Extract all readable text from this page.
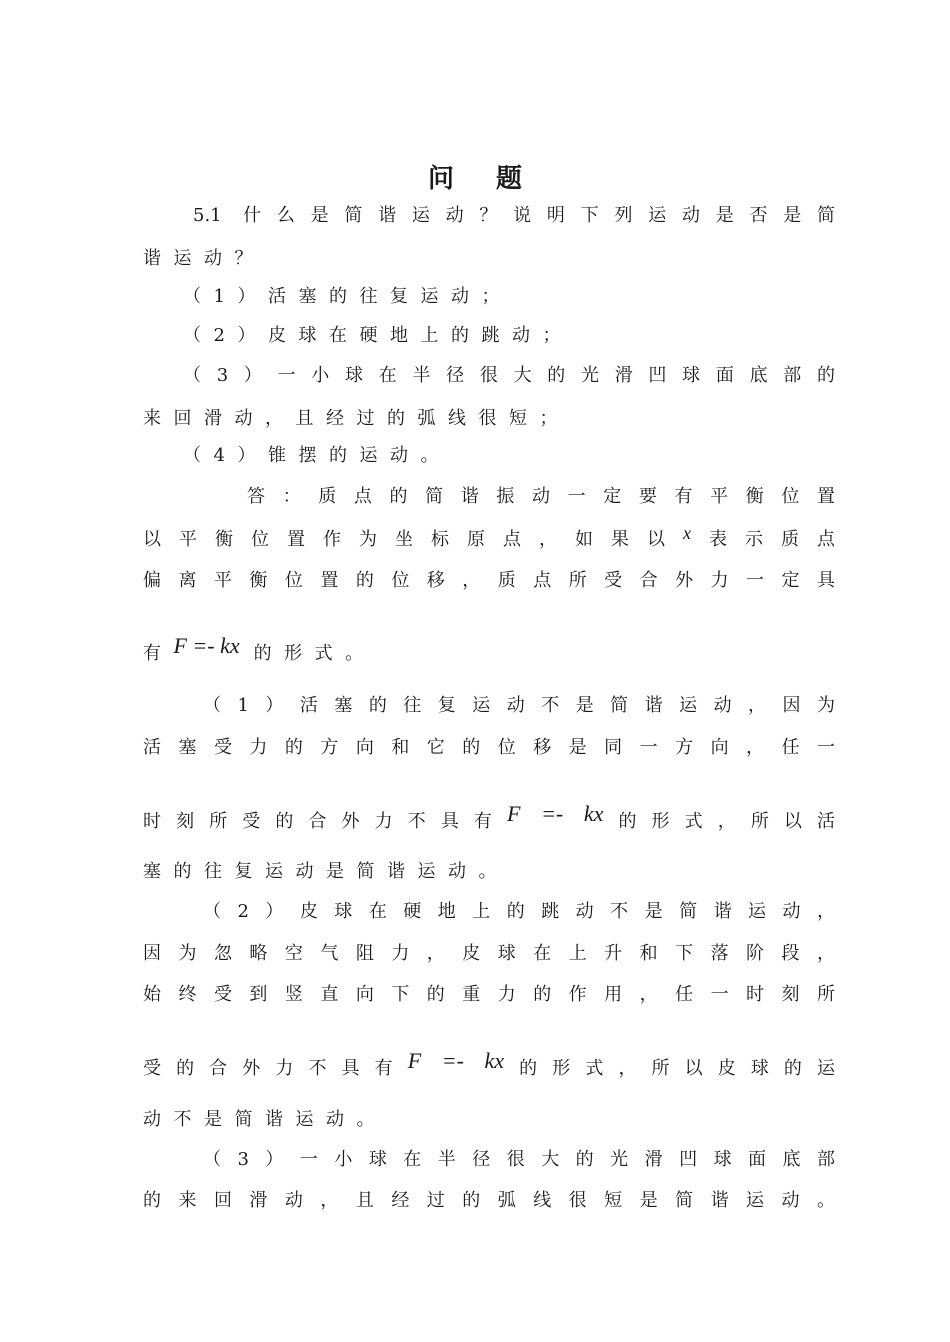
问 题
5.1 什么是简谐运动？说明下列运动是否是简
谐运动？
（1）活塞的往复运动；
（2）皮球在硬地上的跳动；
（3）一小球在半径很大的光滑凹球面底部的
来回滑动，且经过的弧线很短；
（4）锥摆的运动。
答：质点的简谐振动一定要有平衡位置
以平衡位置作为坐标原点，如果以x表示质点
偏离平衡位置的位移，质点所受合外力一定具
有F =- kx 的形式。
（1）活塞的往复运动不是简谐运动，因为
活塞受力的方向和它的位移是同一方向，任一
时刻所受的合外力不具有F =- kx的形式，所以活
塞的往复运动是简谐运动。
（2）皮球在硬地上的跳动不是简谐运动，
因为忽略空气阻力，皮球在上升和下落阶段，
始终受到竖直向下的重力的作用，任一时刻所
受的合外力不具有F =- kx的形式，所以皮球的运
动不是简谐运动。
（3）一小球在半径很大的光滑凹球面底部
的来回滑动，且经过的弧线很短是简谐运动。
